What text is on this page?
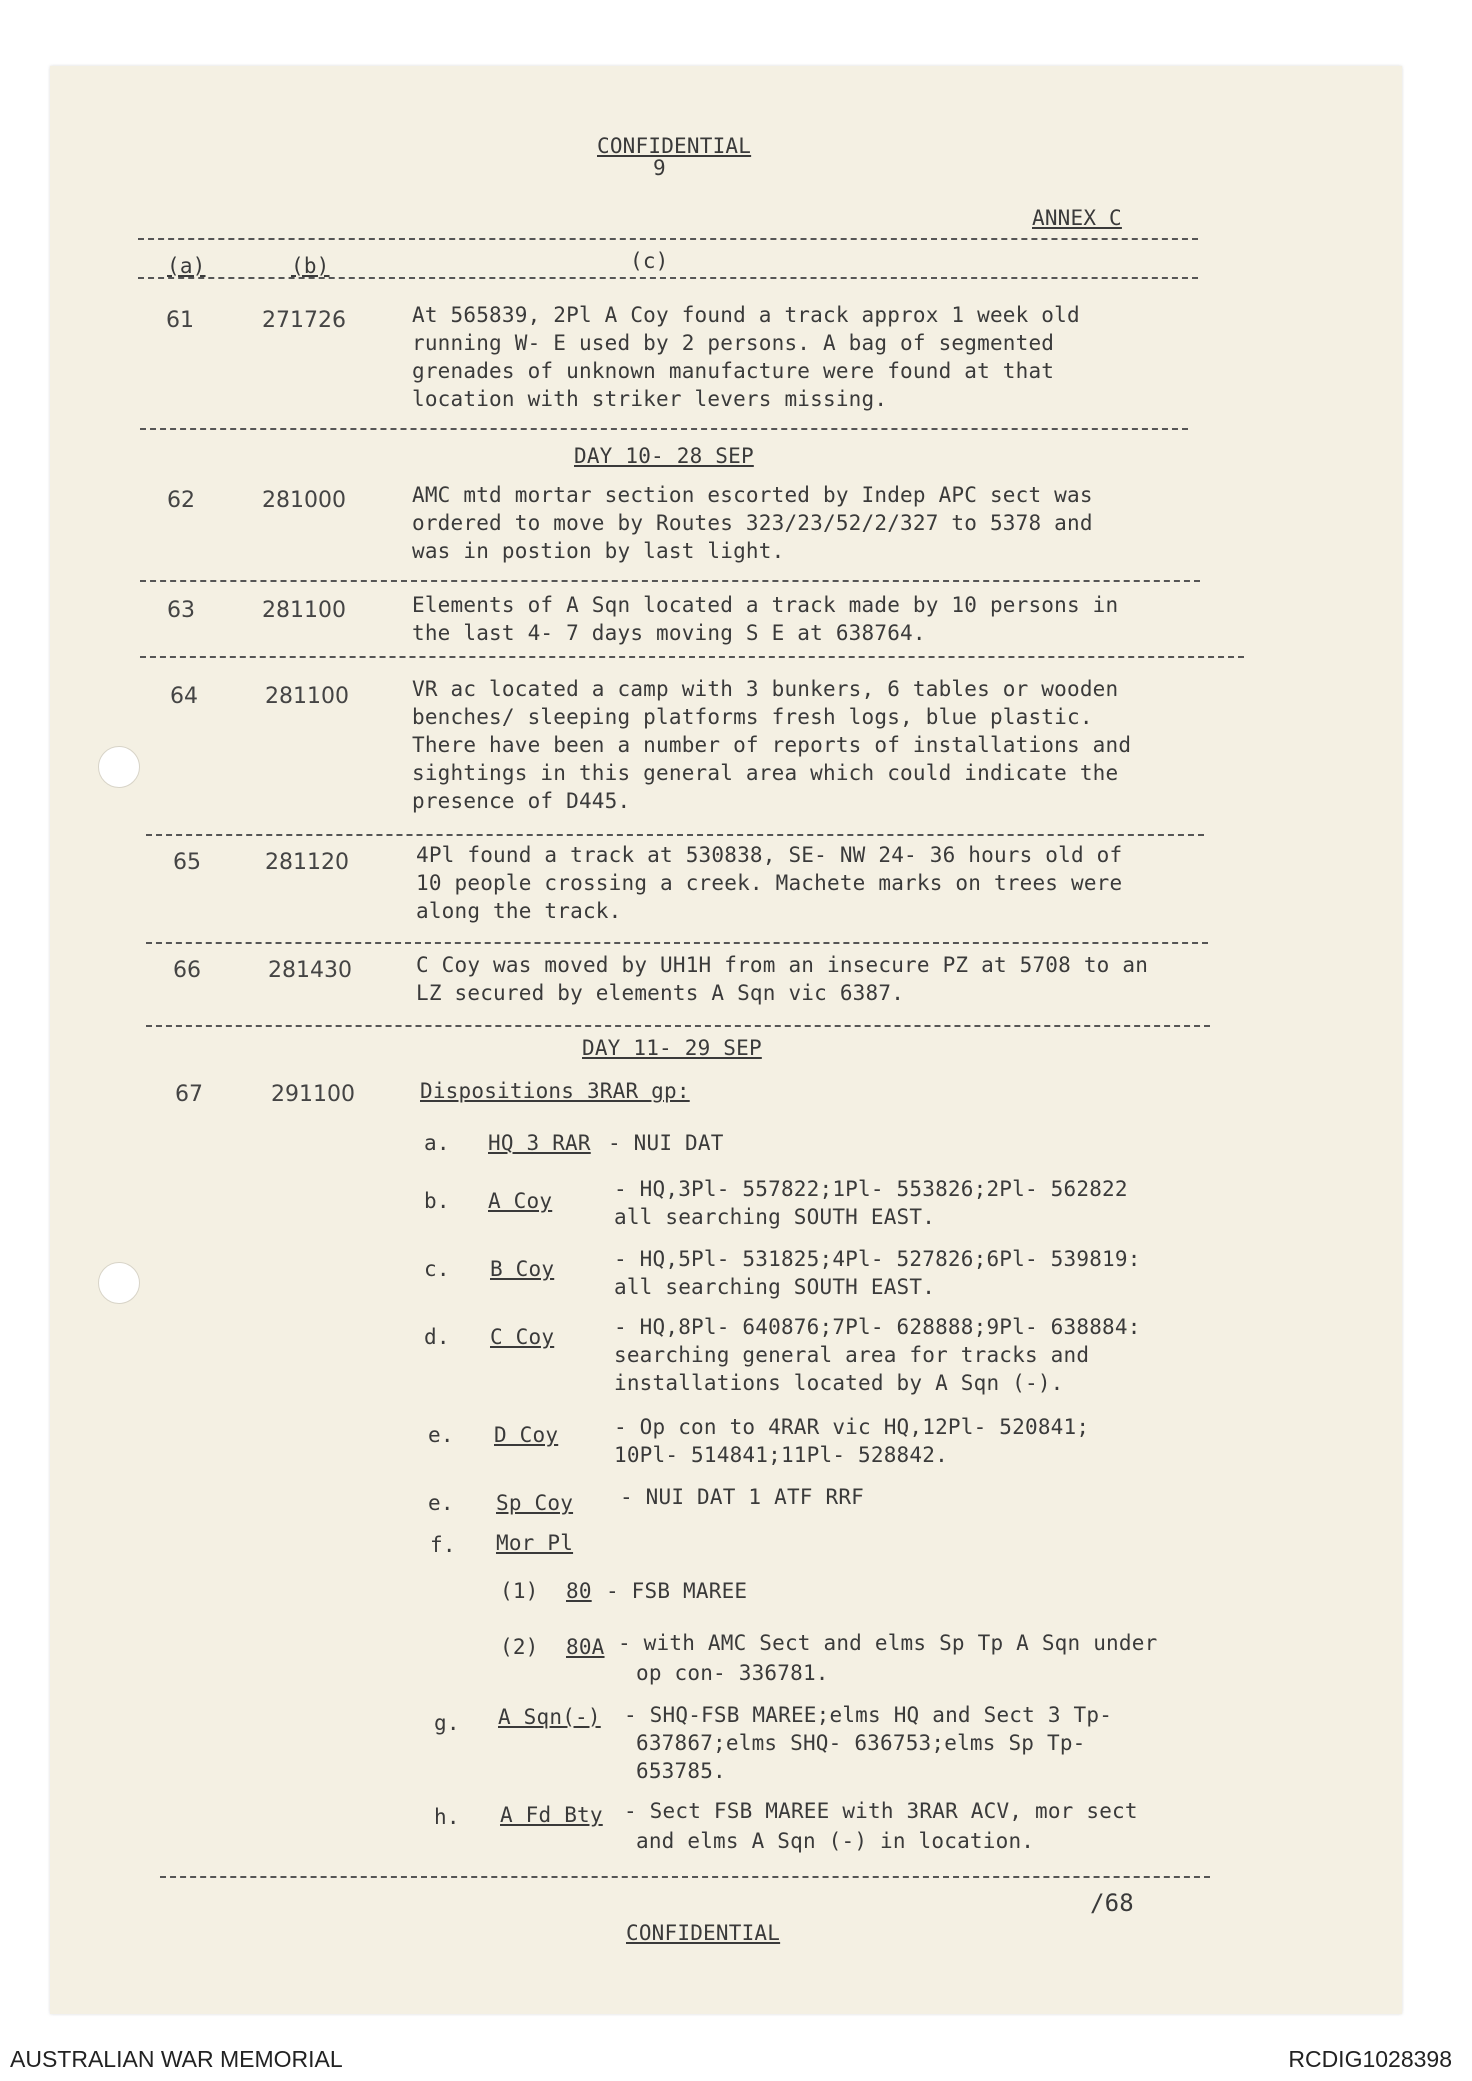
CONFIDENTIAL
9
ANNEX C
(a)	(b)	(c)
61	271726	At 565839, 2Pl A Coy found a track approx 1 week old
running W- E used by 2 persons. A bag of segmented
grenades of unknown manufacture were found at that
location with striker levers missing.
DAY 10- 28 SEP
62	281000	AMC mtd mortar section escorted by Indep APC sect was
ordered to move by Routes 323/23/52/2/327 to 5378 and
was in postion by last light.
63	281100	Elements of A Sqn located a track made by 10 persons in
the last 4- 7 days moving S E at 638764.
64	281100	VR ac located a camp with 3 bunkers, 6 tables or wooden
benches/ sleeping platforms fresh logs, blue plastic.
There have been a number of reports of installations and
sightings in this general area which could indicate the
presence of D445.
65	281120	4Pl found a track at 530838, SE- NW 24- 36 hours old of
10 people crossing a creek. Machete marks on trees were
along the track.
66	281430	C Coy was moved by UH1H from an insecure PZ at 5708 to an
LZ secured by elements A Sqn vic 6387.
DAY 11- 29 SEP
67	291100	Dispositions 3RAR gp:
a. HQ 3 RAR - NUI DAT
b. A Coy	- HQ,3Pl- 557822;1Pl- 553826;2Pl- 562822
all searching SOUTH EAST.
c. B Coy	- HQ,5Pl- 531825;4Pl- 527826;6Pl- 539819:
all searching SOUTH EAST.
d. C Coy	- HQ,8Pl- 640876;7Pl- 628888;9Pl- 638884:
searching general area for tracks and
installations located by A Sqn (-).
e. D Coy	- Op con to 4RAR vic HQ,12Pl- 520841;
10Pl- 514841;11Pl- 528842.
e. Sp Coy - NUI DAT 1 ATF RRF
f. Mor Pl
(1) 80 - FSB MAREE
(2) 80A - with AMC Sect and elms Sp Tp A Sqn under
op con- 336781.
g. A Sqn(-) - SHQ-FSB MAREE;elms HQ and Sect 3 Tp-
637867;elms SHQ- 636753;elms Sp Tp-
653785.
h. A Fd Bty - Sect FSB MAREE with 3RAR ACV, mor sect
and elms A Sqn (-) in location.
/68
CONFIDENTIAL
AUSTRALIAN WAR MEMORIAL	RCDIG1028398
